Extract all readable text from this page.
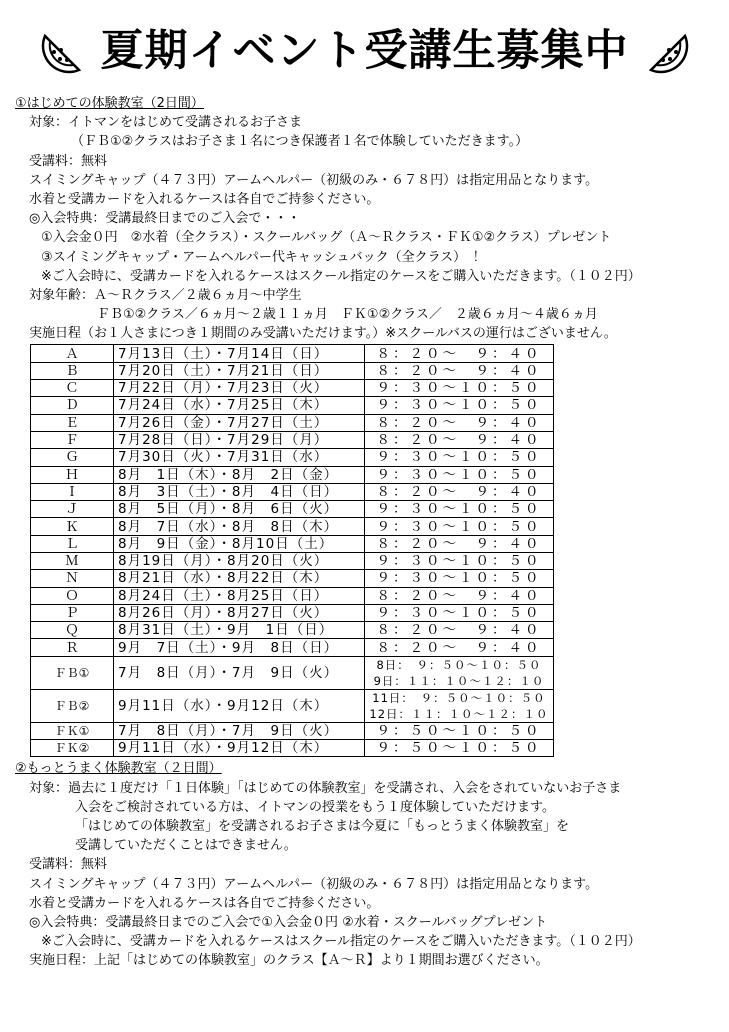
夏期イベント受講生募集中
①はじめての体験教室（2日間）
対象：イトマンをはじめて受講されるお子さま
（ＦＢ①②クラスはお子さま１名につき保護者１名で体験していただきます。）
受講料：無料
スイミングキャップ（４７３円）アームヘルパー（初級のみ・６７８円）は指定用品となります。
水着と受講カードを入れるケースは各自でご持参ください。
◎入会特典：受講最終日までのご入会で・・・
①入会金０円　②水着（全クラス）・スクールバッグ（Ａ～Ｒクラス・ＦＫ①②クラス）プレゼント
③スイミングキャップ・アームヘルパー代キャッシュバック（全クラス）　！
※ご入会時に、受講カードを入れるケースはスクール指定のケースをご購入いただきます。（１０２円）
対象年齢：Ａ～Ｒクラス／２歳６ヵ月～中学生
ＦＢ①②クラス／６ヵ月～２歳１１ヵ月　ＦＫ①②クラス／　２歳６ヵ月～４歳６ヵ月
実施日程（お１人さまにつき１期間のみ受講いただけます。）※スクールバスの運行はございません。
Ａ	7月13日（土）・7月14日（日）	８：２０～　９：４０
Ｂ	7月20日（土）・7月21日（日）	８：２０～　９：４０
Ｃ	7月22日（月）・7月23日（火）	９：３０～１０：５０
Ｄ	7月24日（水）・7月25日（木）	９：３０～１０：５０
Ｅ	7月26日（金）・7月27日（土）	８：２０～　９：４０
Ｆ	7月28日（日）・7月29日（月）	８：２０～　９：４０
Ｇ	7月30日（火）・7月31日（水）	９：３０～１０：５０
Ｈ	8月　1日（木）・8月　2日（金）	９：３０～１０：５０
Ｉ	8月　3日（土）・8月　4日（日）	８：２０～　９：４０
Ｊ	8月　5日（月）・8月　6日（火）	９：３０～１０：５０
Ｋ	8月　7日（水）・8月　8日（木）	９：３０～１０：５０
Ｌ	8月　9日（金）・8月10日（土）	８：２０～　９：４０
Ｍ	8月19日（月）・8月20日（火）	９：３０～１０：５０
Ｎ	8月21日（水）・8月22日（木）	９：３０～１０：５０
Ｏ	8月24日（土）・8月25日（日）	８：２０～　９：４０
Ｐ	8月26日（月）・8月27日（火）	９：３０～１０：５０
Ｑ	8月31日（土）・9月　1日（日）	８：２０～　９：４０
Ｒ	9月　7日（土）・9月　8日（日）	８：２０～　９：４０
ＦＢ①	7月　8日（月）・7月　9日（火）	8日：　９：５０～１０：５０
9日：１１：１０～１２：１０

ＦＢ②	9月11日（水）・9月12日（木）	11日：　９：５０～１０：５０
12日：１１：１０～１２：１０

ＦＫ①	7月　8日（月）・7月　9日（火）	９：５０～１０：５０
ＦＫ②	9月11日（水）・9月12日（木）	９：５０～１０：５０
②もっとうまく体験教室（２日間）
対象：過去に１度だけ「１日体験」「はじめての体験教室」を受講され、入会をされていないお子さま
入会をご検討されている方は、イトマンの授業をもう１度体験していただけます。
「はじめての体験教室」を受講されるお子さまは今夏に「もっとうまく体験教室」を
受講していただくことはできません。
受講料：無料
スイミングキャップ（４７３円）アームヘルパー（初級のみ・６７８円）は指定用品となります。
水着と受講カードを入れるケースは各自でご持参ください。
◎入会特典：受講最終日までのご入会で①入会金０円 ②水着・スクールバッグプレゼント
※ご入会時に、受講カードを入れるケースはスクール指定のケースをご購入いただきます。（１０２円）
実施日程：上記「はじめての体験教室」のクラス【Ａ～Ｒ】より１期間お選びください。
